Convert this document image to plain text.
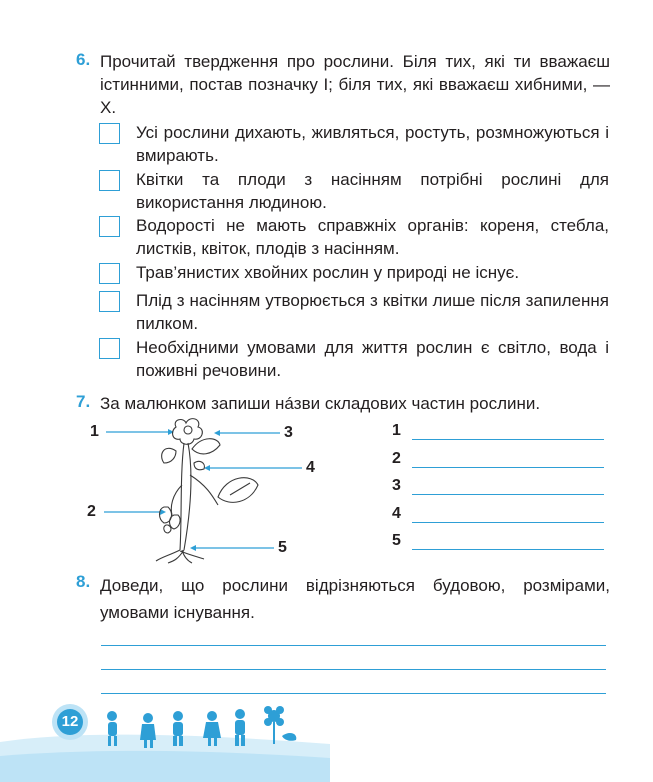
6. Прочитай твердження про рослини. Біля тих, які ти вважаєш істинними, постав позначку І; біля тих, які вважаєш хибними, — Х.
Усі рослини дихають, живляться, ростуть, розмножуються і вмирають.
Квітки та плоди з насінням потрібні рослині для використання людиною.
Водорості не мають справжніх органів: кореня, стебла, листків, квіток, плодів з насінням.
Трав’янистих хвойних рослин у природі не існує.
Плід з насінням утворюється з квітки лише після запилення пилком.
Необхідними умовами для життя рослин є світло, вода і поживні речовини.
7. За малюнком запиши нáзви складових частин рослини.
1	3
4
2
5
1
2
3
4
5
8. Доведи, що рослини відрізняються будовою, розмірами, умовами існування.
12
